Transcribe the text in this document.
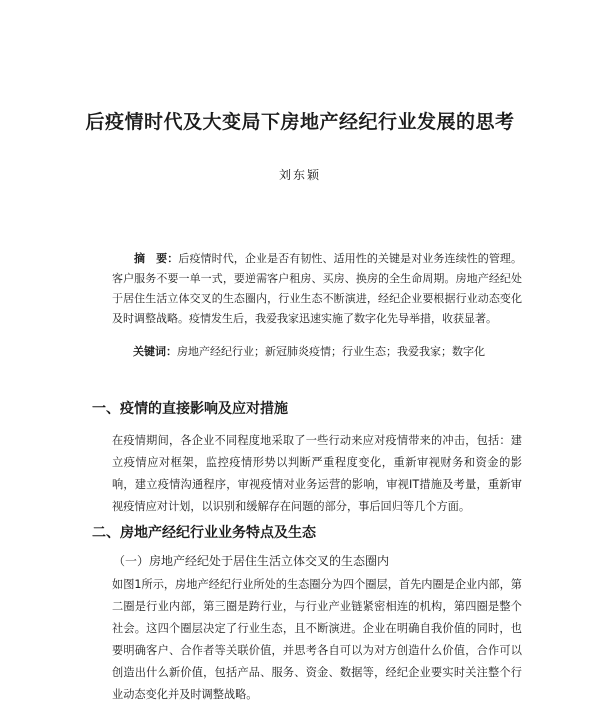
后疫情时代及大变局下房地产经纪行业发展的思考
刘东颖
摘　要：后疫情时代，企业是否有韧性、适用性的关键是对业务连续性的管理。客户服务不要一单一式，要逆需客户租房、买房、换房的全生命周期。房地产经纪处于居住生活立体交叉的生态圈内，行业生态不断演进，经纪企业要根据行业动态变化及时调整战略。疫情发生后，我爱我家迅速实施了数字化先导举措，收获显著。
关键词：房地产经纪行业；新冠肺炎疫情；行业生态；我爱我家；数字化
一、疫情的直接影响及应对措施
在疫情期间，各企业不同程度地采取了一些行动来应对疫情带来的冲击，包括：建立疫情应对框架，监控疫情形势以判断严重程度变化，重新审视财务和资金的影响，建立疫情沟通程序，审视疫情对业务运营的影响，审视IT措施及考量，重新审视疫情应对计划，以识别和缓解存在问题的部分，事后回归等几个方面。
二、房地产经纪行业业务特点及生态
（一）房地产经纪处于居住生活立体交叉的生态圈内
如图1所示，房地产经纪行业所处的生态圈分为四个圈层，首先内圈是企业内部，第二圈是行业内部，第三圈是跨行业，与行业产业链紧密相连的机构，第四圈是整个社会。这四个圈层决定了行业生态，且不断演进。企业在明确自我价值的同时，也要明确客户、合作者等关联价值，并思考各自可以为对方创造什么价值，合作可以创造出什么新价值，包括产品、服务、资金、数据等，经纪企业要实时关注整个行业动态变化并及时调整战略。
